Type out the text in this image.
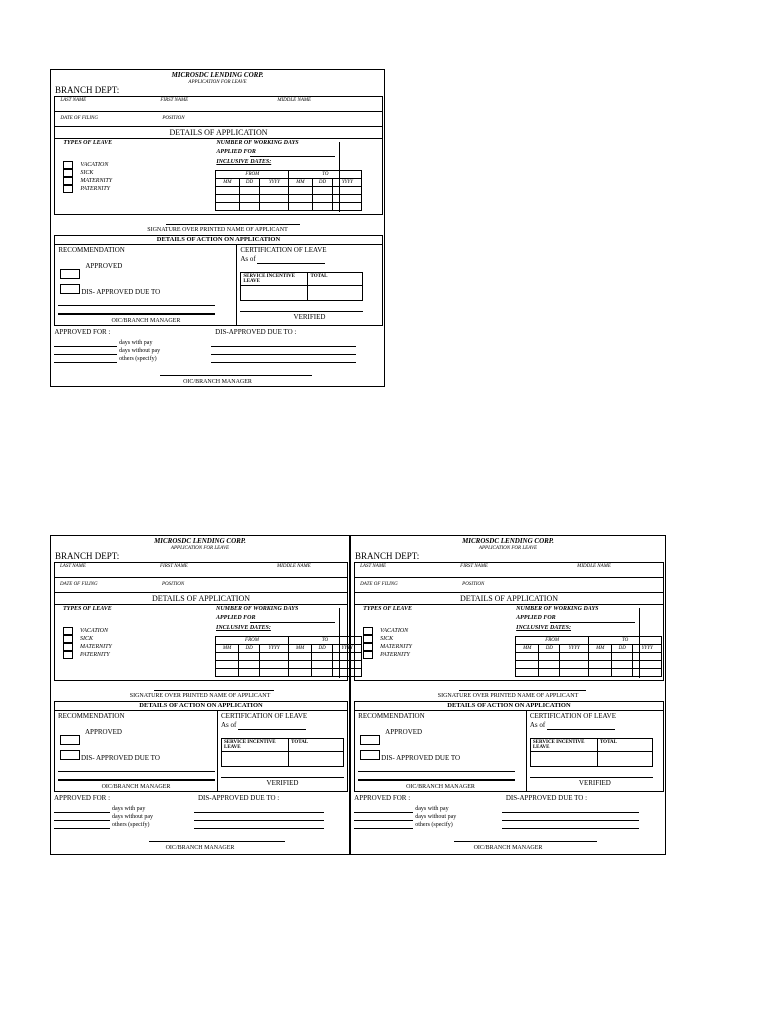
MICROSDC LENDING CORP.
APPLICATION FOR LEAVE
BRANCH DEPT:
LAST NAME	FIRST NAME	MIDDLE NAME
DATE OF FILING	POSITION
DETAILS OF APPLICATION
TYPES OF LEAVE	NUMBER OF WORKING DAYS
APPLIED FOR
INCLUSIVE DATES:
VACATION
SICK
MATERNITY
PATERNITY
FROM			TO		
MM	DD	YYYY	MM	DD	YYYY

SIGNATURE OVER PRINTED NAME OF APPLICANT
DETAILS OF ACTION ON APPLICATION
RECOMMENDATION
APPROVED
DIS- APPROVED DUE TO
OIC/BRANCH MANAGER
CERTIFICATION OF LEAVE
As of
SERVICE INCENTIVE LEAVE	TOTAL

VERIFIED
APPROVED FOR :	DIS-APPROVED DUE TO :
days with pay
days without pay
others (specify)
OIC/BRANCH MANAGER
MICROSDC LENDING CORP.
APPLICATION FOR LEAVE
BRANCH DEPT:
LAST NAME	FIRST NAME	MIDDLE NAME
DATE OF FILING	POSITION
DETAILS OF APPLICATION
TYPES OF LEAVE	NUMBER OF WORKING DAYS
APPLIED FOR
INCLUSIVE DATES:
VACATION
SICK
MATERNITY
PATERNITY
FROM			TO		
MM	DD	YYYY	MM	DD	YYYY

SIGNATURE OVER PRINTED NAME OF APPLICANT
DETAILS OF ACTION ON APPLICATION
RECOMMENDATION
APPROVED
DIS- APPROVED DUE TO
OIC/BRANCH MANAGER
CERTIFICATION OF LEAVE
As of
SERVICE INCENTIVE LEAVE	TOTAL

VERIFIED
APPROVED FOR :	DIS-APPROVED DUE TO :
days with pay
days without pay
others (specify)
OIC/BRANCH MANAGER
MICROSDC LENDING CORP.
APPLICATION FOR LEAVE
BRANCH DEPT:
LAST NAME	FIRST NAME	MIDDLE NAME
DATE OF FILING	POSITION
DETAILS OF APPLICATION
TYPES OF LEAVE	NUMBER OF WORKING DAYS
APPLIED FOR
INCLUSIVE DATES:
VACATION
SICK
MATERNITY
PATERNITY
FROM			TO		
MM	DD	YYYY	MM	DD	YYYY

SIGNATURE OVER PRINTED NAME OF APPLICANT
DETAILS OF ACTION ON APPLICATION
RECOMMENDATION
APPROVED
DIS- APPROVED DUE TO
OIC/BRANCH MANAGER
CERTIFICATION OF LEAVE
As of
SERVICE INCENTIVE LEAVE	TOTAL

VERIFIED
APPROVED FOR :	DIS-APPROVED DUE TO :
days with pay
days without pay
others (specify)
OIC/BRANCH MANAGER
